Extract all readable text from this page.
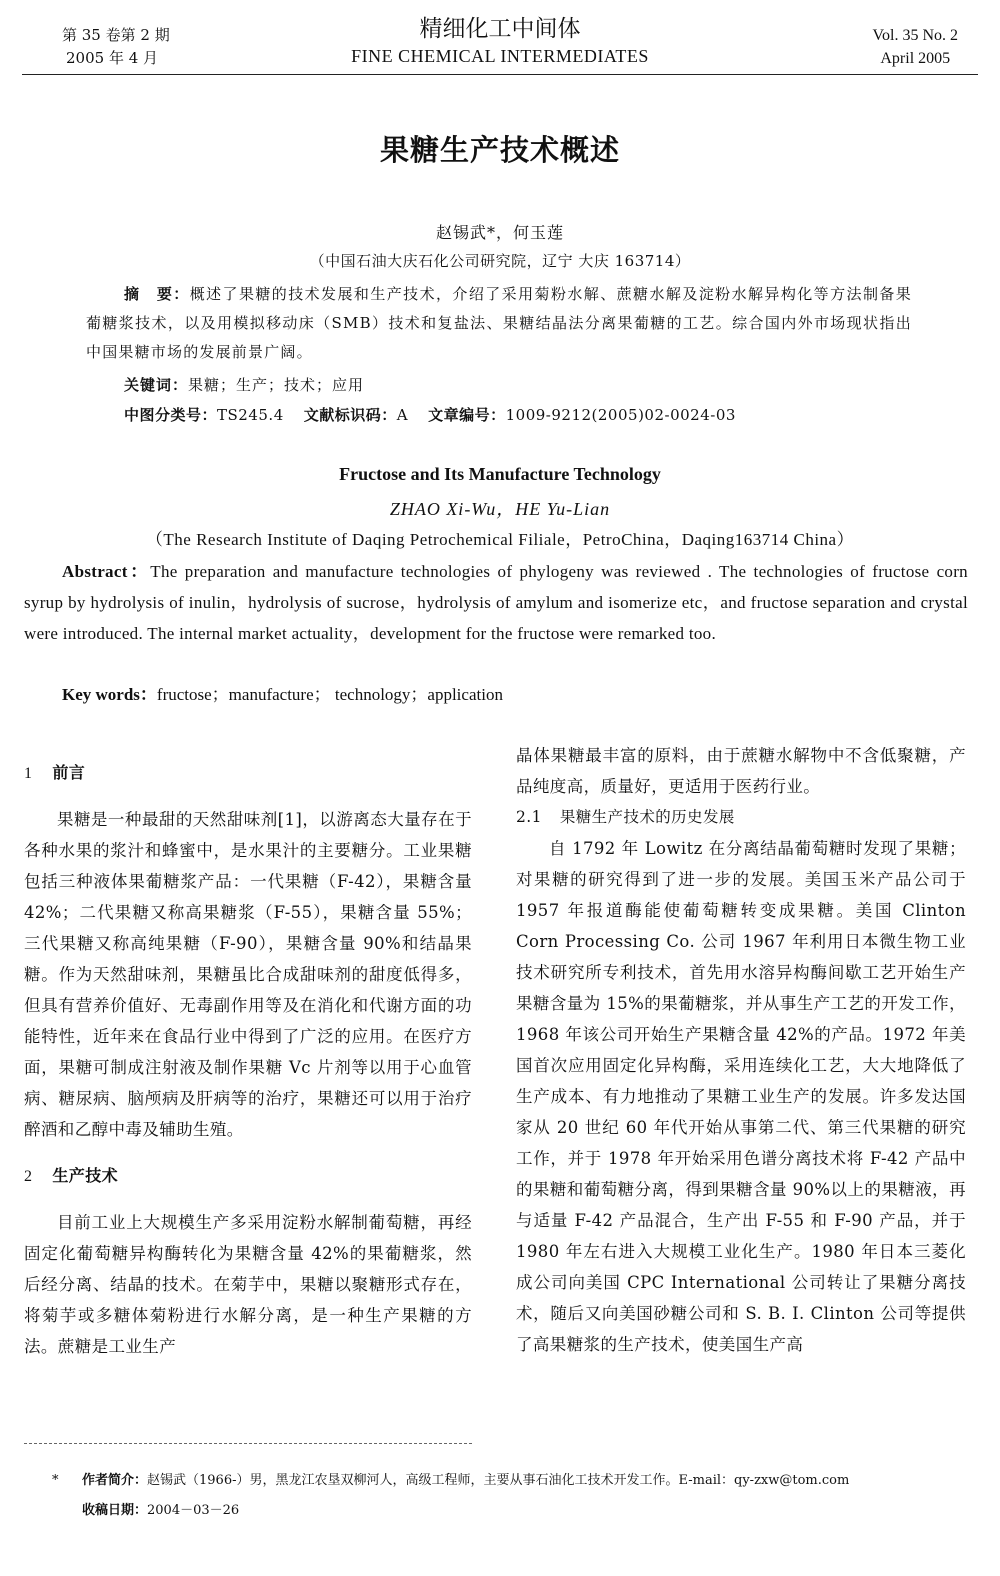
第 35 卷第 2 期
2005 年 4 月
精细化工中间体
FINE CHEMICAL INTERMEDIATES
Vol. 35 No. 2
April 2005
果糖生产技术概述
赵锡武*，何玉莲
（中国石油大庆石化公司研究院，辽宁 大庆 163714）
摘　要：概述了果糖的技术发展和生产技术，介绍了采用菊粉水解、蔗糖水解及淀粉水解异构化等方法制备果葡糖浆技术，以及用模拟移动床（SMB）技术和复盐法、果糖结晶法分离果葡糖的工艺。综合国内外市场现状指出中国果糖市场的发展前景广阔。
关键词：果糖；生产；技术；应用
中图分类号：TS245.4 文献标识码：A 文章编号：1009-9212(2005)02-0024-03
Fructose and Its Manufacture Technology
ZHAO Xi-Wu，HE Yu-Lian
（The Research Institute of Daqing Petrochemical Filiale，PetroChina，Daqing163714 China）
Abstract：The preparation and manufacture technologies of phylogeny was reviewed . The technologies of fructose corn syrup by hydrolysis of inulin，hydrolysis of sucrose，hydrolysis of amylum and isomerize etc，and fructose separation and crystal were introduced. The internal market actuality，development for the fructose were remarked too.
Key words：fructose；manufacture； technology；application

1 前言

果糖是一种最甜的天然甜味剂[1]，以游离态大量存在于各种水果的浆汁和蜂蜜中，是水果汁的主要糖分。工业果糖包括三种液体果葡糖浆产品：一代果糖（F-42），果糖含量 42%；二代果糖又称高果糖浆（F-55），果糖含量 55%；三代果糖又称高纯果糖（F-90），果糖含量 90%和结晶果糖。作为天然甜味剂，果糖虽比合成甜味剂的甜度低得多，但具有营养价值好、无毒副作用等及在消化和代谢方面的功能特性，近年来在食品行业中得到了广泛的应用。在医疗方面，果糖可制成注射液及制作果糖 Vc 片剂等以用于心血管病、糖尿病、脑颅病及肝病等的治疗，果糖还可以用于治疗醉酒和乙醇中毒及辅助生殖。

2 生产技术

目前工业上大规模生产多采用淀粉水解制葡萄糖，再经固定化葡萄糖异构酶转化为果糖含量 42%的果葡糖浆，然后经分离、结晶的技术。在菊芋中，果糖以聚糖形式存在，将菊芋或多糖体菊粉进行水解分离，是一种生产果糖的方法。蔗糖是工业生产

晶体果糖最丰富的原料，由于蔗糖水解物中不含低聚糖，产品纯度高，质量好，更适用于医药行业。

2.1 果糖生产技术的历史发展

自 1792 年 Lowitz 在分离结晶葡萄糖时发现了果糖；对果糖的研究得到了进一步的发展。美国玉米产品公司于 1957 年报道酶能使葡萄糖转变成果糖。美国 Clinton Corn Processing Co. 公司 1967 年利用日本微生物工业技术研究所专利技术，首先用水溶异构酶间歇工艺开始生产果糖含量为 15%的果葡糖浆，并从事生产工艺的开发工作，1968 年该公司开始生产果糖含量 42%的产品。1972 年美国首次应用固定化异构酶，采用连续化工艺，大大地降低了生产成本、有力地推动了果糖工业生产的发展。许多发达国家从 20 世纪 60 年代开始从事第二代、第三代果糖的研究工作，并于 1978 年开始采用色谱分离技术将 F-42 产品中的果糖和葡萄糖分离，得到果糖含量 90%以上的果糖液，再与适量 F-42 产品混合，生产出 F-55 和 F-90 产品，并于 1980 年左右进入大规模工业化生产。1980 年日本三菱化成公司向美国 CPC International 公司转让了果糖分离技术，随后又向美国砂糖公司和 S. B. I. Clinton 公司等提供了高果糖浆的生产技术，使美国生产高

*	作者简介：赵锡武（1966-）男，黑龙江农垦双柳河人，高级工程师，主要从事石油化工技术开发工作。E-mail：qy-zxw@tom.com
收稿日期：2004－03－26
